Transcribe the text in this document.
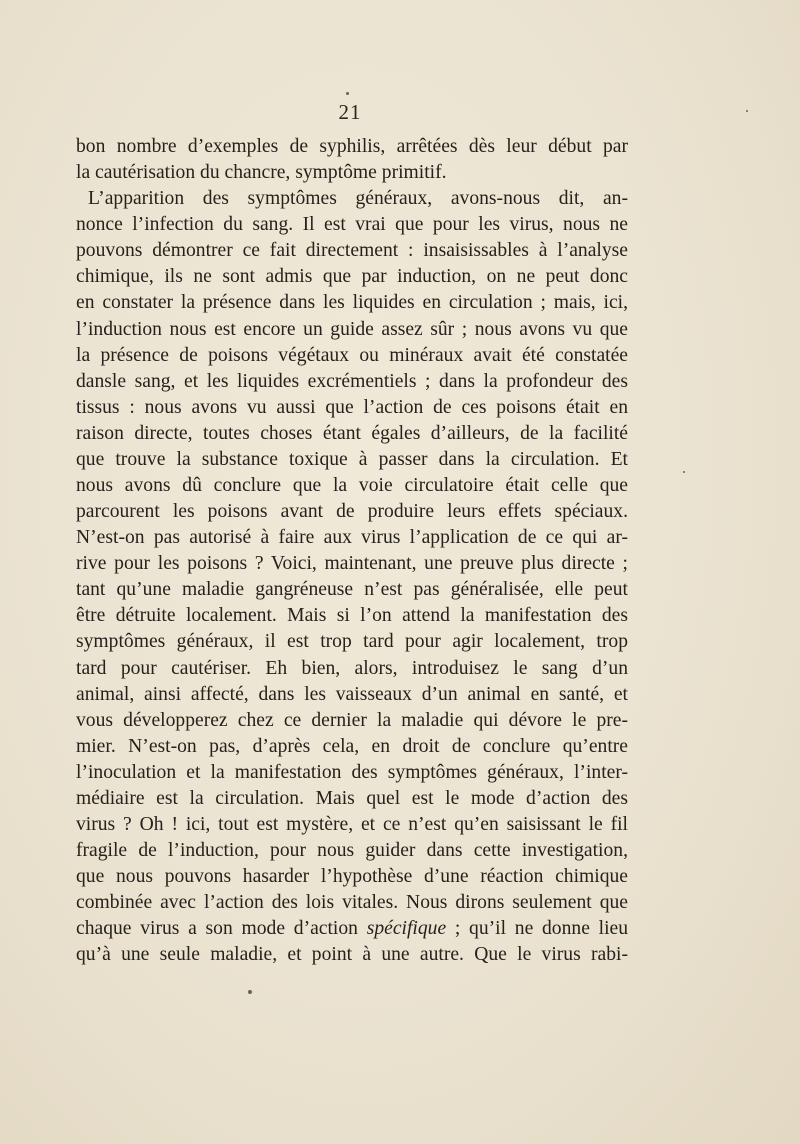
21
bon nombre d’exemples de syphilis, arrêtées dès leur début par
la cautérisation du chancre, symptôme primitif.
L’apparition des symptômes généraux, avons-nous dit, an-
nonce l’infection du sang. Il est vrai que pour les virus, nous ne
pouvons démontrer ce fait directement : insaisissables à l’analyse
chimique, ils ne sont admis que par induction, on ne peut donc
en constater la présence dans les liquides en circulation ; mais, ici,
l’induction nous est encore un guide assez sûr ; nous avons vu que
la présence de poisons végétaux ou minéraux avait été constatée
dansle sang, et les liquides excrémentiels ; dans la profondeur des
tissus : nous avons vu aussi que l’action de ces poisons était en
raison directe, toutes choses étant égales d’ailleurs, de la facilité
que trouve la substance toxique à passer dans la circulation. Et
nous avons dû conclure que la voie circulatoire était celle que
parcourent les poisons avant de produire leurs effets spéciaux.
N’est-on pas autorisé à faire aux virus l’application de ce qui ar-
rive pour les poisons ? Voici, maintenant, une preuve plus directe ;
tant qu’une maladie gangréneuse n’est pas généralisée, elle peut
être détruite localement. Mais si l’on attend la manifestation des
symptômes généraux, il est trop tard pour agir localement, trop
tard pour cautériser. Eh bien, alors, introduisez le sang d’un
animal, ainsi affecté, dans les vaisseaux d’un animal en santé, et
vous développerez chez ce dernier la maladie qui dévore le pre-
mier. N’est-on pas, d’après cela, en droit de conclure qu’entre
l’inoculation et la manifestation des symptômes généraux, l’inter-
médiaire est la circulation. Mais quel est le mode d’action des
virus ? Oh ! ici, tout est mystère, et ce n’est qu’en saisissant le fil
fragile de l’induction, pour nous guider dans cette investigation,
que nous pouvons hasarder l’hypothèse d’une réaction chimique
combinée avec l’action des lois vitales. Nous dirons seulement que
chaque virus a son mode d’action spécifique ; qu’il ne donne lieu
qu’à une seule maladie, et point à une autre. Que le virus rabi-
